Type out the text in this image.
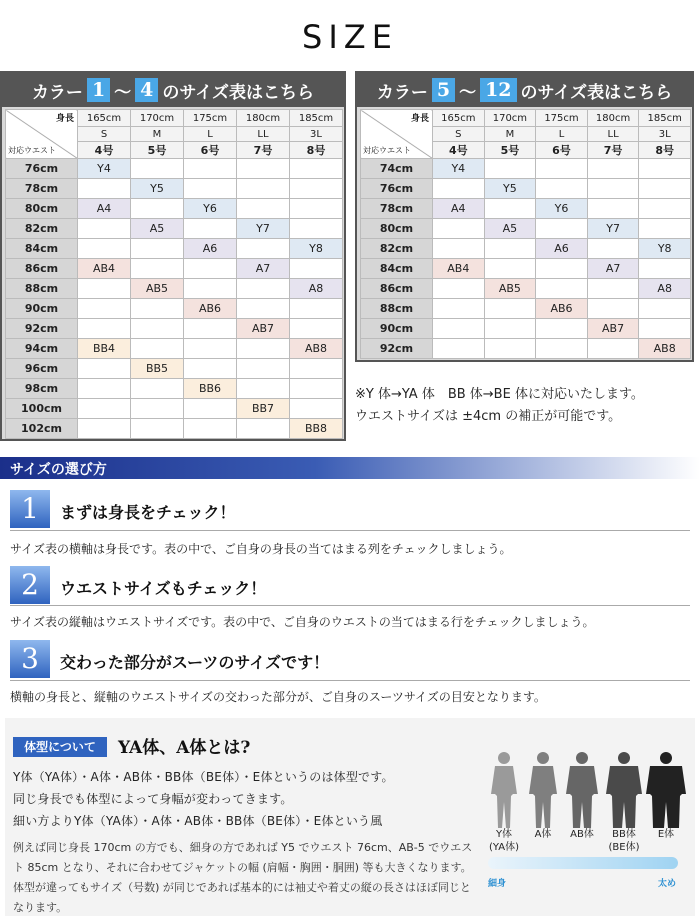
SIZE
カラー 1 ～ 4 のサイズ表はこちら
身長
対応ウエスト	165cm	170cm	175cm	180cm	185cm
	S	M	L	LL	3L
	4号	5号	6号	7号	8号
76cm	Y4				
78cm		Y5			
80cm	A4		Y6		
82cm		A5		Y7	
84cm			A6		Y8
86cm	AB4			A7	
88cm		AB5			A8
90cm			AB6		
92cm				AB7	
94cm	BB4				AB8
96cm		BB5			
98cm			BB6		
100cm				BB7	
102cm					BB8
カラー 5 ～ 12 のサイズ表はこちら
身長
対応ウエスト	165cm	170cm	175cm	180cm	185cm
	S	M	L	LL	3L
	4号	5号	6号	7号	8号
74cm	Y4				
76cm		Y5			
78cm	A4		Y6		
80cm		A5		Y7	
82cm			A6		Y8
84cm	AB4			A7	
86cm		AB5			A8
88cm			AB6		
90cm				AB7	
92cm					AB8
※Y 体→YA 体　BB 体→BE 体に対応いたします。
ウエストサイズは ±4cm の補正が可能です。
サイズの選び方
1	まずは身長をチェック！
サイズ表の横軸は身長です。表の中で、ご自身の身長の当てはまる列をチェックしましょう。
2	ウエストサイズもチェック！
サイズ表の縦軸はウエストサイズです。表の中で、ご自身のウエストの当てはまる行をチェックしましょう。
3	交わった部分がスーツのサイズです！
横軸の身長と、縦軸のウエストサイズの交わった部分が、ご自身のスーツサイズの目安となります。
体型について	YA体、A体とは?
Y体（YA体）・A体・AB体・BB体（BE体）・E体というのは体型です。
同じ身長でも体型によって身幅が変わってきます。
細い方よりY体（YA体）・A体・AB体・BB体（BE体）・E体という風
例えば同じ身長 170cm の方でも、細身の方であれば Y5 でウエスト 76cm、AB-5 でウエスト 85cm となり、それに合わせてジャケットの幅 (肩幅・胸囲・胴囲) 等も大きくなります。体型が違ってもサイズ（号数) が同じであれば基本的には袖丈や着丈の縦の長さはほぼ同じとなります。
Y体
(YA体)
A体	AB体	BB体
(BE体)
E体
細身	太め
